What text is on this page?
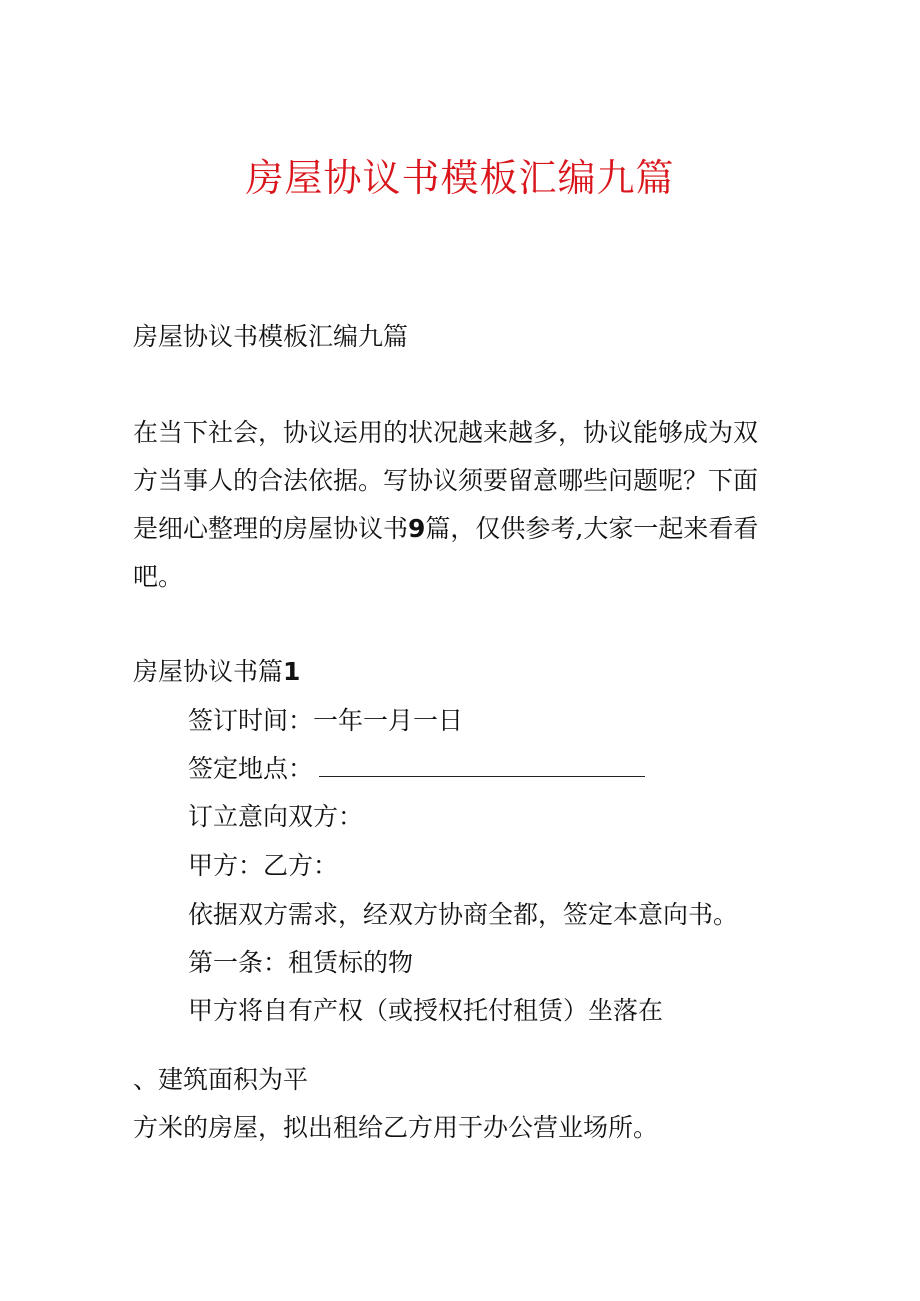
房屋协议书模板汇编九篇
房屋协议书模板汇编九篇
在当下社会，协议运用的状况越来越多，协议能够成为双
方当事人的合法依据。写协议须要留意哪些问题呢？下面
是细心整理的房屋协议书9篇，仅供参考,大家一起来看看
吧。
房屋协议书篇1
签订时间：一年一月一日
签定地点：
订立意向双方：
甲方：乙方：
依据双方需求，经双方协商全都，签定本意向书。
第一条：租赁标的物
甲方将自有产权（或授权托付租赁）坐落在
、建筑面积为平
方米的房屋，拟出租给乙方用于办公营业场所。
